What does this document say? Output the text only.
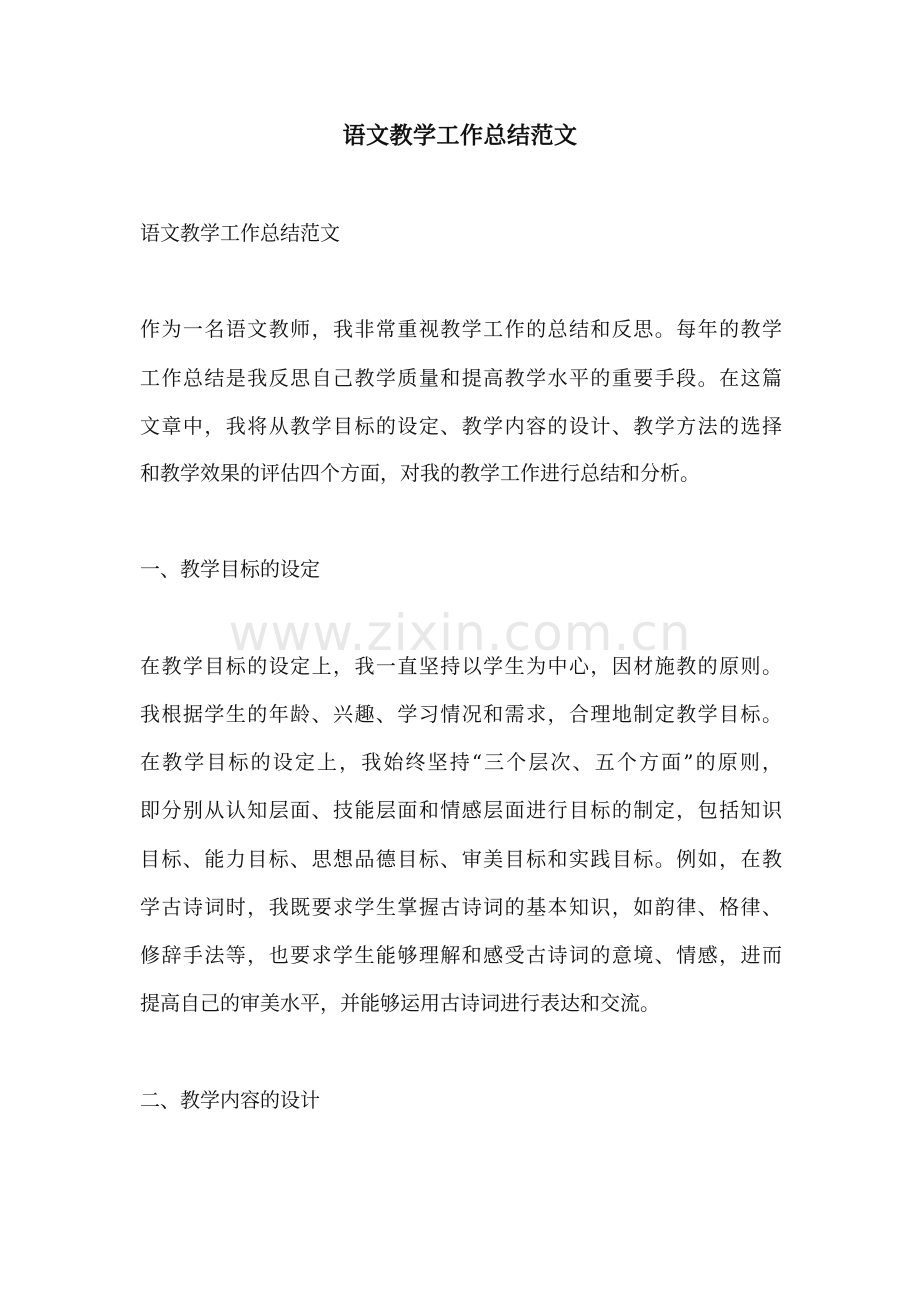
语文教学工作总结范文
语文教学工作总结范文
作为一名语文教师，我非常重视教学工作的总结和反思。每年的教学
工作总结是我反思自己教学质量和提高教学水平的重要手段。在这篇
文章中，我将从教学目标的设定、教学内容的设计、教学方法的选择
和教学效果的评估四个方面，对我的教学工作进行总结和分析。
一、教学目标的设定
在教学目标的设定上，我一直坚持以学生为中心，因材施教的原则。
我根据学生的年龄、兴趣、学习情况和需求，合理地制定教学目标。
在教学目标的设定上，我始终坚持“三个层次、五个方面”的原则，
即分别从认知层面、技能层面和情感层面进行目标的制定，包括知识
目标、能力目标、思想品德目标、审美目标和实践目标。例如，在教
学古诗词时，我既要求学生掌握古诗词的基本知识，如韵律、格律、
修辞手法等，也要求学生能够理解和感受古诗词的意境、情感，进而
提高自己的审美水平，并能够运用古诗词进行表达和交流。
二、教学内容的设计
www.zixin.com.cn
